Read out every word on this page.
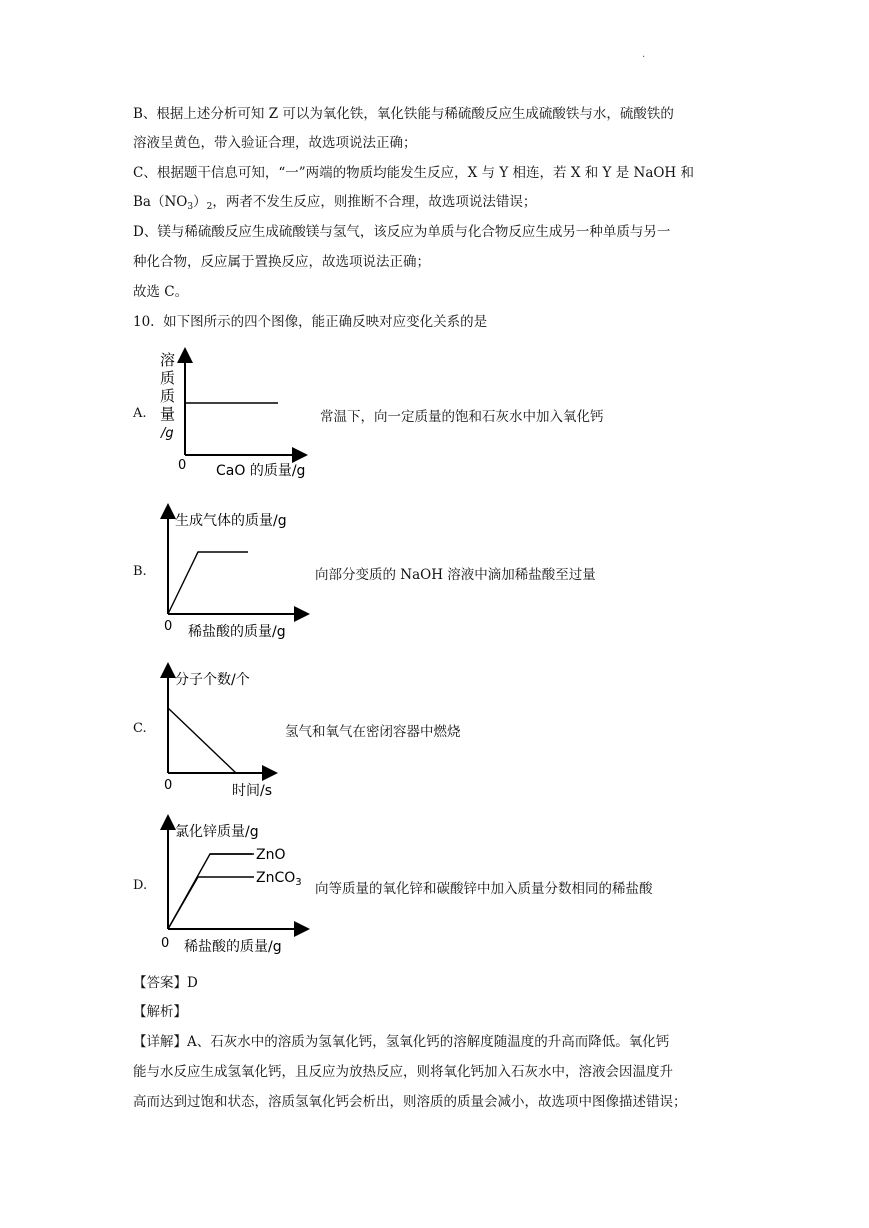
·
B、根据上述分析可知 Z 可以为氧化铁，氧化铁能与稀硫酸反应生成硫酸铁与水，硫酸铁的
溶液呈黄色，带入验证合理，故选项说法正确；
C、根据题干信息可知，“一”两端的物质均能发生反应，X 与 Y 相连，若 X 和 Y 是 NaOH 和
$Ba(NO_3)_2$，两者不发生反应，则推断不合理，故选项说法错误；
D、镁与稀硫酸反应生成硫酸镁与氢气，该反应为单质与化合物反应生成另一种单质与另一
种化合物，反应属于置换反应，故选项说法正确；
故选 C。
10. 如下图所示的四个图像，能正确反映对应变化关系的是
A.
溶
质
质
量
/g
0 CaO 的质量/g
常温下，向一定质量的饱和石灰水中加入氧化钙
B.
生成气体的质量/g
0 稀盐酸的质量/g
向部分变质的 NaOH 溶液中滴加稀盐酸至过量
C.
分子个数/个
0	时间/s
氢气和氧气在密闭容器中燃烧
D.
氯化锌质量/g
ZnO
ZnCO$_3$
0 稀盐酸的质量/g
向等质量的氧化锌和碳酸锌中加入质量分数相同的稀盐酸
【答案】D
【解析】
【详解】A、石灰水中的溶质为氢氧化钙，氢氧化钙的溶解度随温度的升高而降低。氧化钙
能与水反应生成氢氧化钙，且反应为放热反应，则将氧化钙加入石灰水中，溶液会因温度升
高而达到过饱和状态，溶质氢氧化钙会析出，则溶质的质量会减小，故选项中图像描述错误；
